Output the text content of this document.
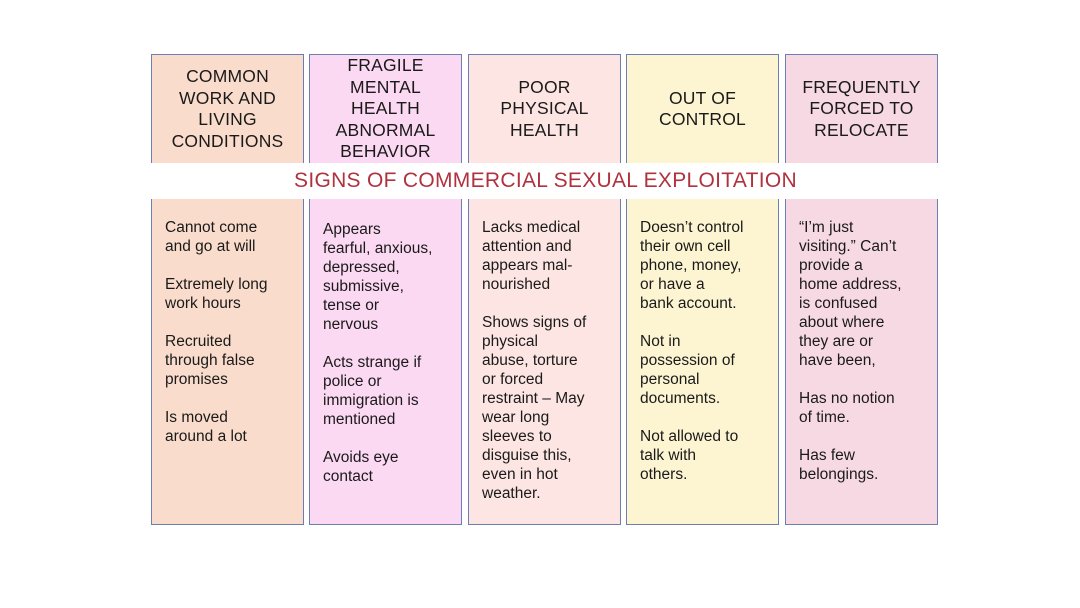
COMMON
WORK AND
LIVING
CONDITIONS

Cannot come
and go at will

Extremely long
work hours

Recruited
through false
promises

Is moved
around a lot

FRAGILE
MENTAL HEALTH
ABNORMAL
BEHAVIOR

Appears
fearful, anxious,
depressed,
submissive,
tense or
nervous

Acts strange if
police or
immigration is
mentioned

Avoids eye
contact

POOR
PHYSICAL
HEALTH

Lacks medical
attention and
appears mal-
nourished

Shows signs of
physical
abuse, torture
or forced
restraint – May
wear long
sleeves to
disguise this,
even in hot
weather.

OUT OF
CONTROL

Doesn’t control
their own cell
phone, money,
or have a
bank account.

Not in
possession of
personal
documents.

Not allowed to
talk with
others.

FREQUENTLY
FORCED TO
RELOCATE

“I’m just
visiting.” Can’t
provide a
home address,
is confused
about where
they are or
have been,

Has no notion
of time.

Has few
belongings.

SIGNS OF COMMERCIAL SEXUAL EXPLOITATION
